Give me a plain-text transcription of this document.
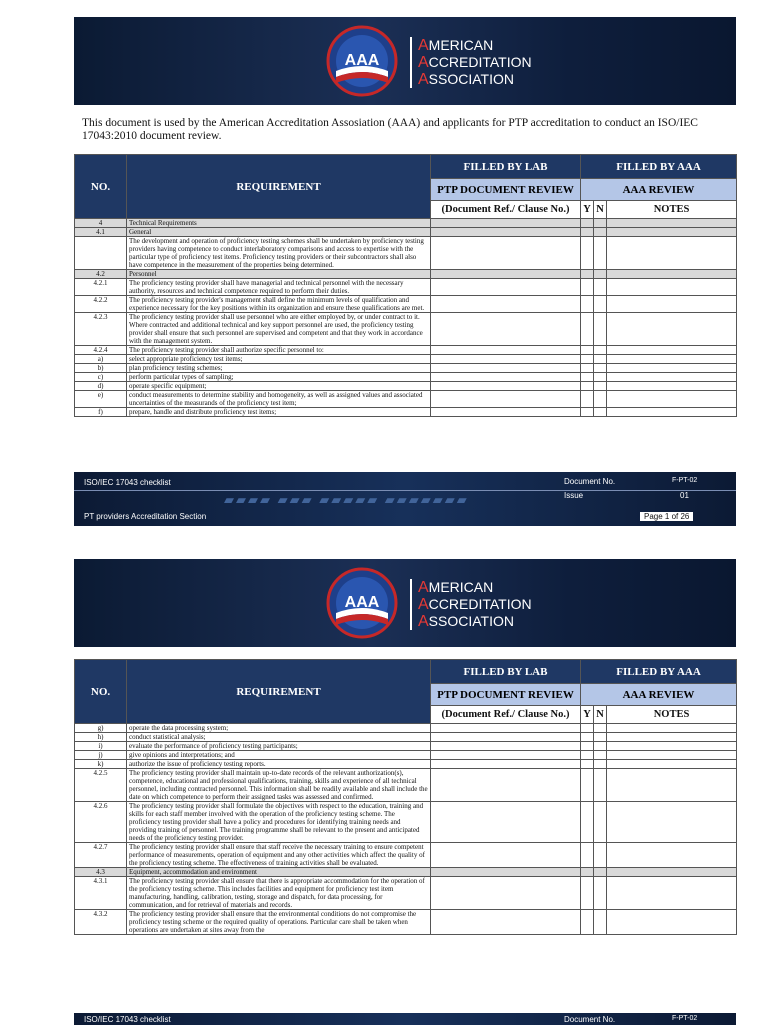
AAA
AMERICAN
ACCREDITATION
ASSOCIATION
This document is used by the American Accreditation Assosiation (AAA) and applicants for PTP accreditation to conduct an ISO/IEC 17043:2010 document review.
NO.	REQUIREMENT	FILLED BY LAB	FILLED BY AAA		
		PTP DOCUMENT REVIEW	AAA REVIEW		
		(Document Ref./ Clause No.)	Y	N	NOTES
4	Technical Requirements				
4.1	General				
	The development and operation of proficiency testing schemes shall be undertaken by proficiency testing providers having competence to conduct interlaboratory comparisons and access to expertise with the particular type of proficiency test items. Proficiency testing providers or their subcontractors shall also have competence in the measurement of the properties being determined.				
4.2	Personnel				
4.2.1	The proficiency testing provider shall have managerial and technical personnel with the necessary authority, resources and technical competence required to perform their duties.				
4.2.2	The proficiency testing provider's management shall define the minimum levels of qualification and experience necessary for the key positions within its organization and ensure these qualifications are met.				
4.2.3	The proficiency testing provider shall use personnel who are either employed by, or under contract to it. Where contracted and additional technical and key support personnel are used, the proficiency testing provider shall ensure that such personnel are supervised and competent and that they work in accordance with the management system.				
4.2.4	The proficiency testing provider shall authorize specific personnel to:				
a)	select appropriate proficiency test items;				
b)	plan proficiency testing schemes;				
c)	perform particular types of sampling;				
d)	operate specific equipment;				
e)	conduct measurements to determine stability and homogeneity, as well as assigned values and associated uncertainties of the measurands of the proficiency test item;				
f)	prepare, handle and distribute proficiency test items;				
ISO/IEC 17043 checklist
▰▰▰▰ ▰▰▰ ▰▰▰▰▰ ▰▰▰▰▰▰▰
PT providers Accreditation Section
Document No.	F-PT-02
Issue	01
Page 1 of 26
AAA
AMERICAN
ACCREDITATION
ASSOCIATION
NO.	REQUIREMENT	FILLED BY LAB	FILLED BY AAA		
		PTP DOCUMENT REVIEW	AAA REVIEW		
		(Document Ref./ Clause No.)	Y	N	NOTES
g)	operate the data processing system;				
h)	conduct statistical analysis;				
i)	evaluate the performance of proficiency testing participants;				
j)	give opinions and interpretations; and				
k)	authorize the issue of proficiency testing reports.				
4.2.5	The proficiency testing provider shall maintain up-to-date records of the relevant authorization(s), competence, educational and professional qualifications, training, skills and experience of all technical personnel, including contracted personnel. This information shall be readily available and shall include the date on which competence to perform their assigned tasks was assessed and confirmed.				
4.2.6	The proficiency testing provider shall formulate the objectives with respect to the education, training and skills for each staff member involved with the operation of the proficiency testing scheme. The proficiency testing provider shall have a policy and procedures for identifying training needs and providing training of personnel. The training programme shall be relevant to the present and anticipated needs of the proficiency testing provider.				
4.2.7	The proficiency testing provider shall ensure that staff receive the necessary training to ensure competent performance of measurements, operation of equipment and any other activities which affect the quality of the proficiency testing scheme. The effectiveness of training activities shall be evaluated.				
4.3	Equipment, accommodation and environment				
4.3.1	The proficiency testing provider shall ensure that there is appropriate accommodation for the operation of the proficiency testing scheme. This includes facilities and equipment for proficiency test item manufacturing, handling, calibration, testing, storage and dispatch, for data processing, for communication, and for retrieval of materials and records.				
4.3.2	The proficiency testing provider shall ensure that the environmental conditions do not compromise the proficiency testing scheme or the required quality of operations. Particular care shall be taken when operations are undertaken at sites away from the				
ISO/IEC 17043 checklist	Document No.	F-PT-02
